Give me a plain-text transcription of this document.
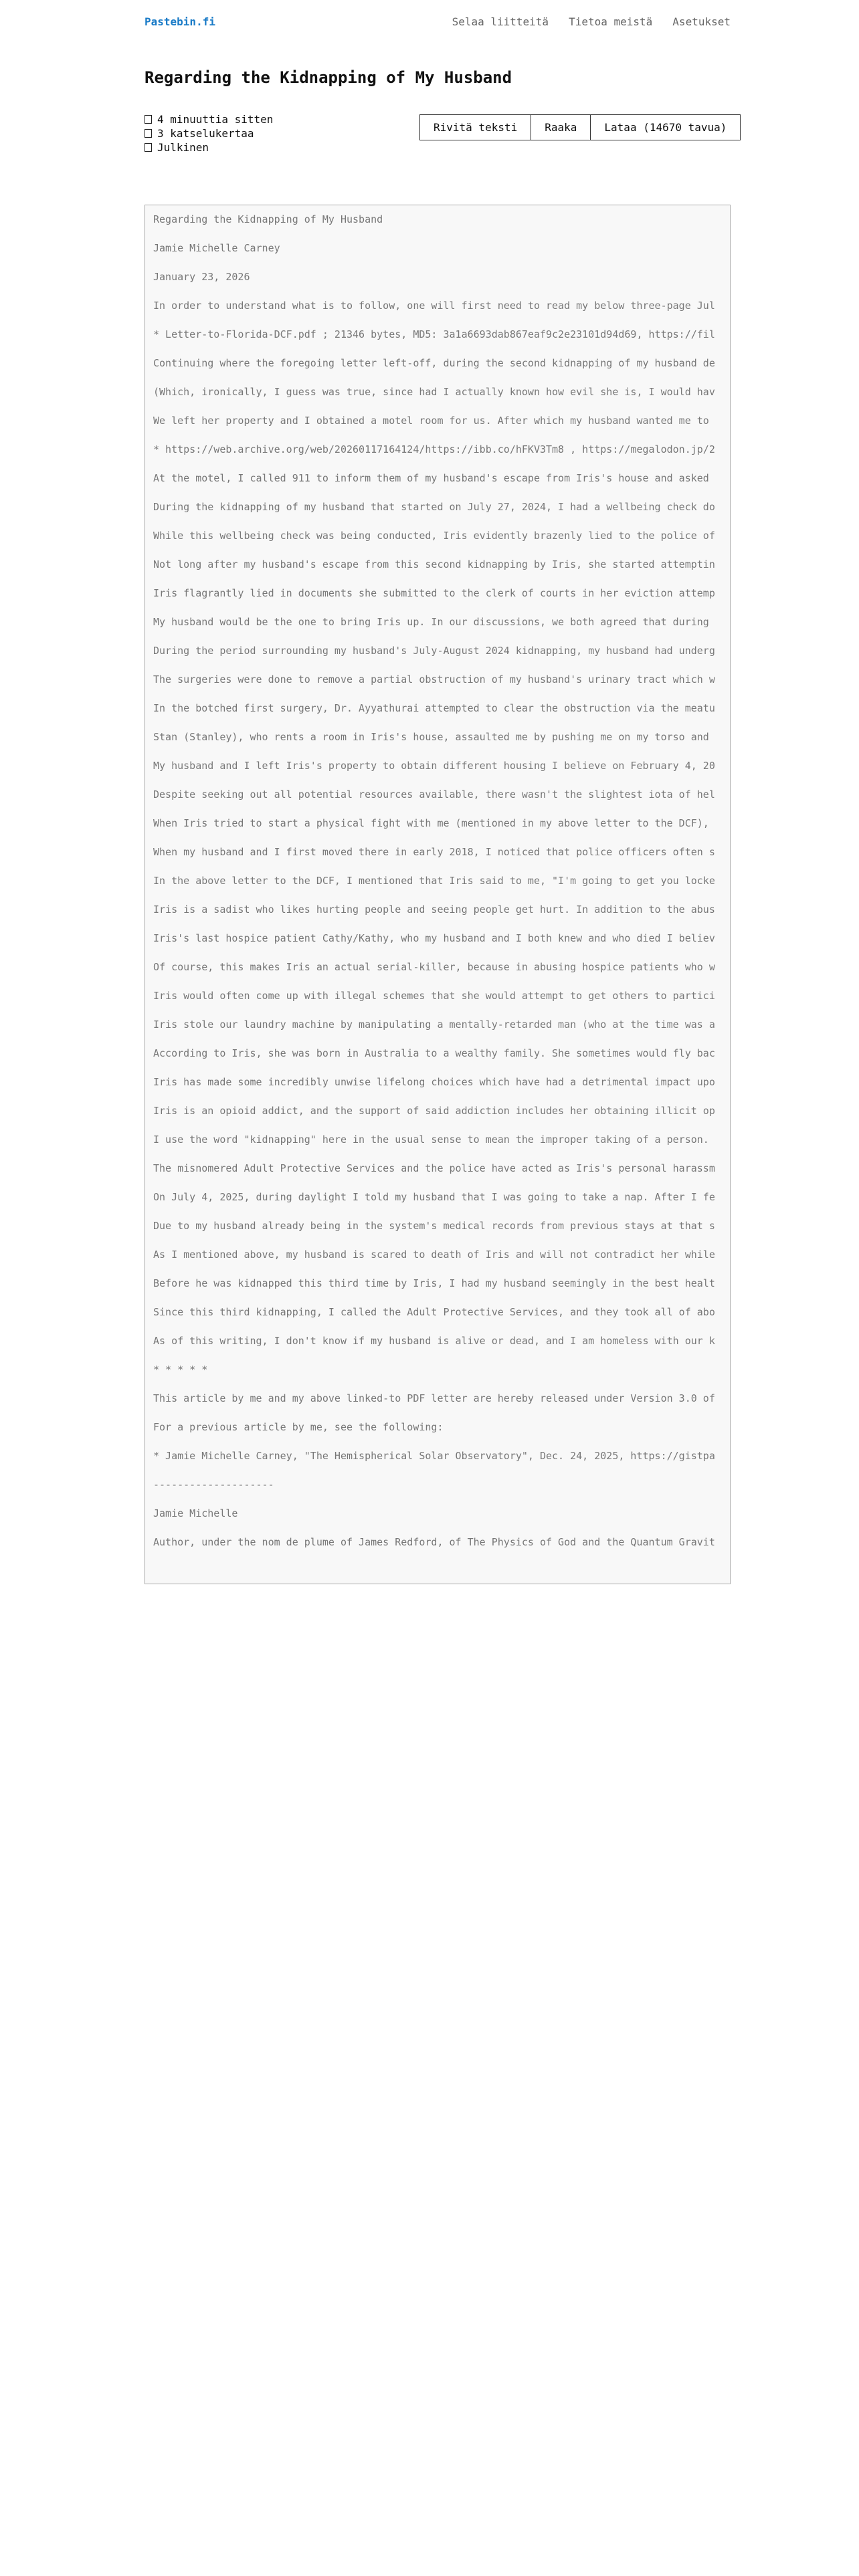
Pastebin.fi	Selaa liitteitä Tietoa meistä Asetukset
Regarding the Kidnapping of My Husband
4 minuuttia sitten
3 katselukertaa
Julkinen
Rivitä teksti	Raaka	Lataa (14670 tavua)

Regarding the Kidnapping of My Husband

Jamie Michelle Carney

January 23, 2026

In order to understand what is to follow, one will first need to read my below three-page Jul

* Letter-to-Florida-DCF.pdf ; 21346 bytes, MD5: 3a1a6693dab867eaf9c2e23101d94d69, https://fil

Continuing where the foregoing letter left-off, during the second kidnapping of my husband de

(Which, ironically, I guess was true, since had I actually known how evil she is, I would hav

We left her property and I obtained a motel room for us. After which my husband wanted me to

* https://web.archive.org/web/20260117164124/https://ibb.co/hFKV3Tm8 , https://megalodon.jp/2

At the motel, I called 911 to inform them of my husband's escape from Iris's house and asked

During the kidnapping of my husband that started on July 27, 2024, I had a wellbeing check do

While this wellbeing check was being conducted, Iris evidently brazenly lied to the police of

Not long after my husband's escape from this second kidnapping by Iris, she started attemptin

Iris flagrantly lied in documents she submitted to the clerk of courts in her eviction attemp

My husband would be the one to bring Iris up. In our discussions, we both agreed that during

During the period surrounding my husband's July-August 2024 kidnapping, my husband had underg

The surgeries were done to remove a partial obstruction of my husband's urinary tract which w

In the botched first surgery, Dr. Ayyathurai attempted to clear the obstruction via the meatu

Stan (Stanley), who rents a room in Iris's house, assaulted me by pushing me on my torso and

My husband and I left Iris's property to obtain different housing I believe on February 4, 20

Despite seeking out all potential resources available, there wasn't the slightest iota of hel

When Iris tried to start a physical fight with me (mentioned in my above letter to the DCF),

When my husband and I first moved there in early 2018, I noticed that police officers often s

In the above letter to the DCF, I mentioned that Iris said to me, "I'm going to get you locke

Iris is a sadist who likes hurting people and seeing people get hurt. In addition to the abus

Iris's last hospice patient Cathy/Kathy, who my husband and I both knew and who died I believ

Of course, this makes Iris an actual serial-killer, because in abusing hospice patients who w

Iris would often come up with illegal schemes that she would attempt to get others to partici

Iris stole our laundry machine by manipulating a mentally-retarded man (who at the time was a

According to Iris, she was born in Australia to a wealthy family. She sometimes would fly bac

Iris has made some incredibly unwise lifelong choices which have had a detrimental impact upo

Iris is an opioid addict, and the support of said addiction includes her obtaining illicit op

I use the word "kidnapping" here in the usual sense to mean the improper taking of a person.

The misnomered Adult Protective Services and the police have acted as Iris's personal harassm

On July 4, 2025, during daylight I told my husband that I was going to take a nap. After I fe

Due to my husband already being in the system's medical records from previous stays at that s

As I mentioned above, my husband is scared to death of Iris and will not contradict her while

Before he was kidnapped this third time by Iris, I had my husband seemingly in the best healt

Since this third kidnapping, I called the Adult Protective Services, and they took all of abo

As of this writing, I don't know if my husband is alive or dead, and I am homeless with our k

* * * * *

This article by me and my above linked-to PDF letter are hereby released under Version 3.0 of

For a previous article by me, see the following:

* Jamie Michelle Carney, "The Hemispherical Solar Observatory", Dec. 24, 2025, https://gistpa

--------------------

Jamie Michelle

Author, under the nom de plume of James Redford, of The Physics of God and the Quantum Gravit
